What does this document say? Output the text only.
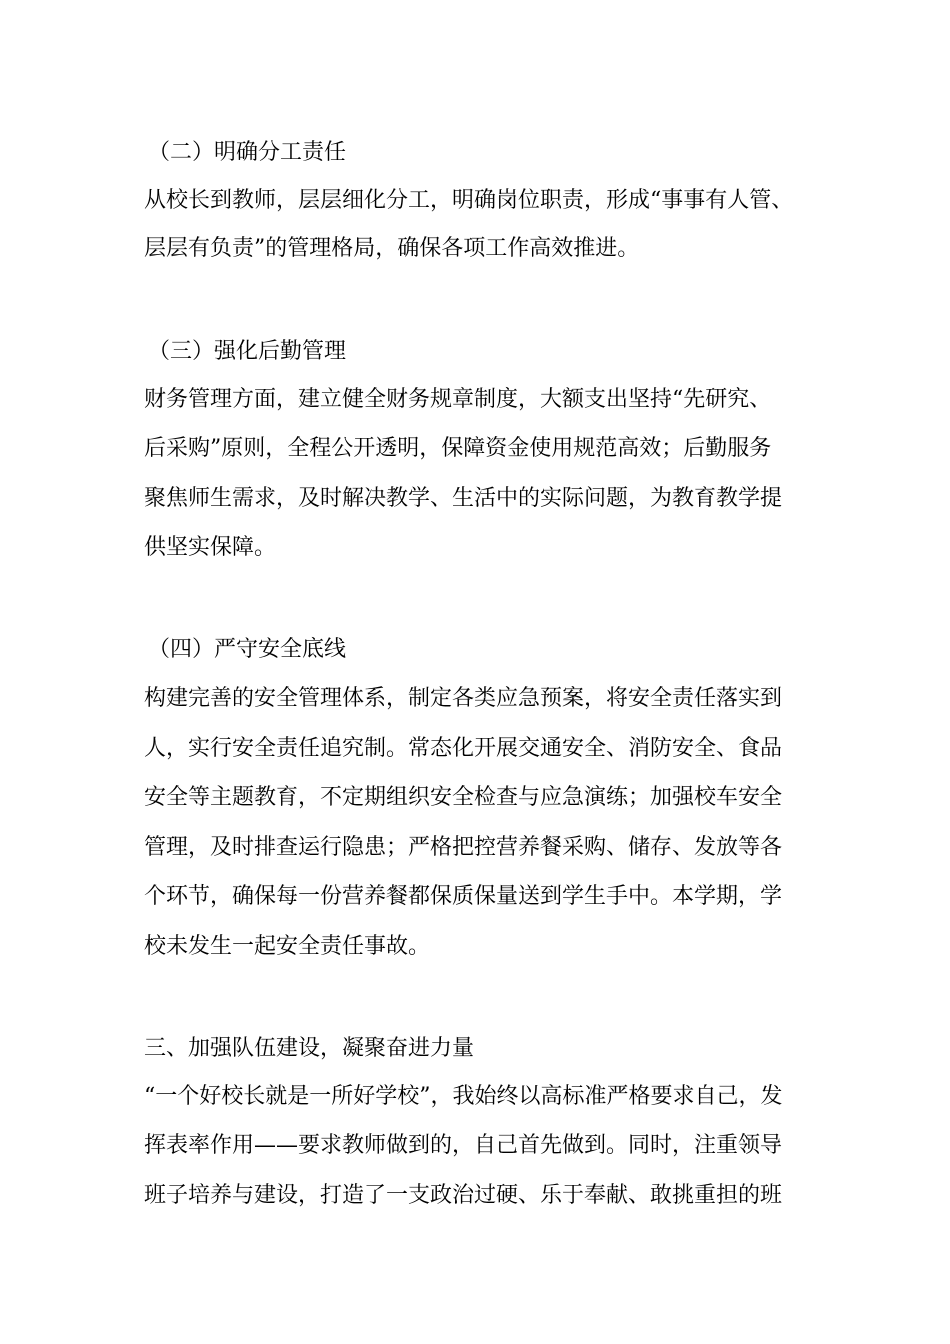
（二）明确分工责任
从校长到教师，层层细化分工，明确岗位职责，形成“事事有人管、
层层有负责”的管理格局，确保各项工作高效推进。
（三）强化后勤管理
财务管理方面，建立健全财务规章制度，大额支出坚持“先研究、
后采购”原则，全程公开透明，保障资金使用规范高效；后勤服务
聚焦师生需求，及时解决教学、生活中的实际问题，为教育教学提
供坚实保障。
（四）严守安全底线
构建完善的安全管理体系，制定各类应急预案，将安全责任落实到
人，实行安全责任追究制。常态化开展交通安全、消防安全、食品
安全等主题教育，不定期组织安全检查与应急演练；加强校车安全
管理，及时排查运行隐患；严格把控营养餐采购、储存、发放等各
个环节，确保每一份营养餐都保质保量送到学生手中。本学期，学
校未发生一起安全责任事故。
三、加强队伍建设，凝聚奋进力量
“一个好校长就是一所好学校”，我始终以高标准严格要求自己，发
挥表率作用——要求教师做到的，自己首先做到。同时，注重领导
班子培养与建设，打造了一支政治过硬、乐于奉献、敢挑重担的班
